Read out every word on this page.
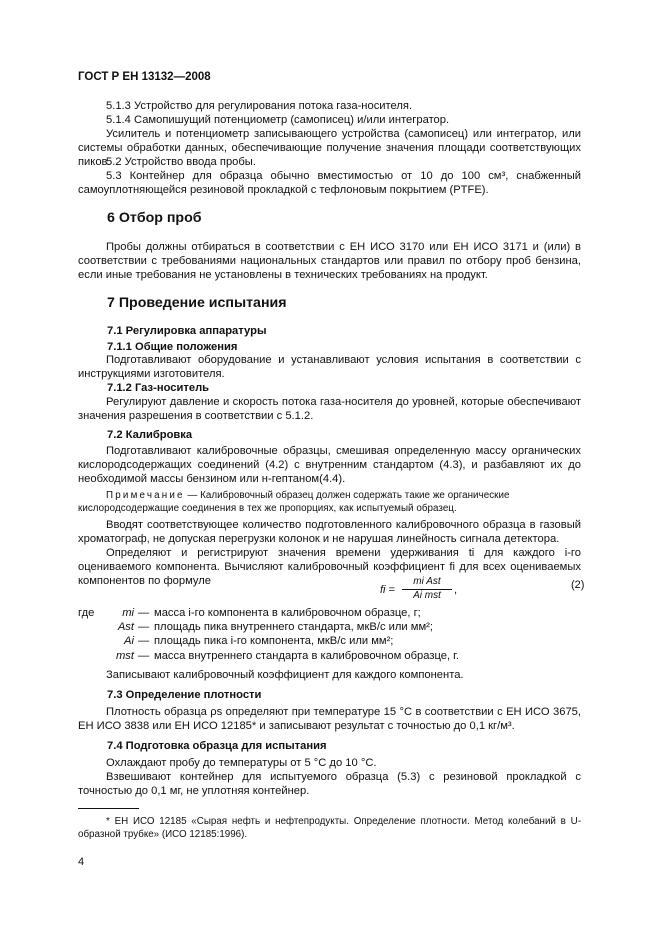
ГОСТ Р ЕН 13132—2008

5.1.3 Устройство для регулирования потока газа-носителя.

5.1.4 Самопишущий потенциометр (самописец) и/или интегратор.

Усилитель и потенциометр записывающего устройства (самописец) или интегратор, или системы обработки данных, обеспечивающие получение значения площади соответствующих пиков.

5.2 Устройство ввода пробы.

5.3 Контейнер для образца обычно вместимостью от 10 до 100 см³, снабженный самоуплотняющейся резиновой прокладкой с тефлоновым покрытием (PTFE).

6 Отбор проб

Пробы должны отбираться в соответствии с ЕН ИСО 3170 или ЕН ИСО 3171 и (или) в соответствии с требованиями национальных стандартов или правил по отбору проб бензина, если иные требования не установлены в технических требованиях на продукт.

7 Проведение испытания
7.1 Регулировка аппаратуры
7.1.1 Общие положения

Подготавливают оборудование и устанавливают условия испытания в соответствии с инструкциями изготовителя.

7.1.2 Газ-носитель

Регулируют давление и скорость потока газа-носителя до уровней, которые обеспечивают значения разрешения в соответствии с 5.1.2.

7.2 Калибровка

Подготавливают калибровочные образцы, смешивая определенную массу органических кислородсодержащих соединений (4.2) с внутренним стандартом (4.3), и разбавляют их до необходимой массы бензином или н-гептаном(4.4).

Примечание — Калибровочный образец должен содержать такие же органические кислородсодержащие соединения в тех же пропорциях, как испытуемый образец.

Вводят соответствующее количество подготовленного калибровочного образца в газовый хроматограф, не допуская перегрузки колонок и не нарушая линейность сигнала детектора.

Определяют и регистрируют значения времени удерживания ti для каждого i-го оцениваемого компонента. Вычисляют калибровочный коэффициент fi для всех оцениваемых компонентов по формуле

fi =
mi Ast
Ai mst	,	(2)
где	mi — масса i-го компонента в калибровочном образце, г;
Ast — площадь пика внутреннего стандарта, мкВ/с или мм²;
Ai — площадь пика i-го компонента, мкВ/с или мм²;
mst — масса внутреннего стандарта в калибровочном образце, г.

Записывают калибровочный коэффициент для каждого компонента.

7.3 Определение плотности

Плотность образца ρs определяют при температуре 15 °С в соответствии с ЕН ИСО 3675, ЕН ИСО 3838 или ЕН ИСО 12185* и записывают результат с точностью до 0,1 кг/м³.

7.4 Подготовка образца для испытания

Охлаждают пробу до температуры от 5 °С до 10 °С.

Взвешивают контейнер для испытуемого образца (5.3) с резиновой прокладкой с точностью до 0,1 мг, не уплотняя контейнер.

* ЕН ИСО 12185 «Сырая нефть и нефтепродукты. Определение плотности. Метод колебаний в U-образной трубке» (ИСО 12185:1996).

4
